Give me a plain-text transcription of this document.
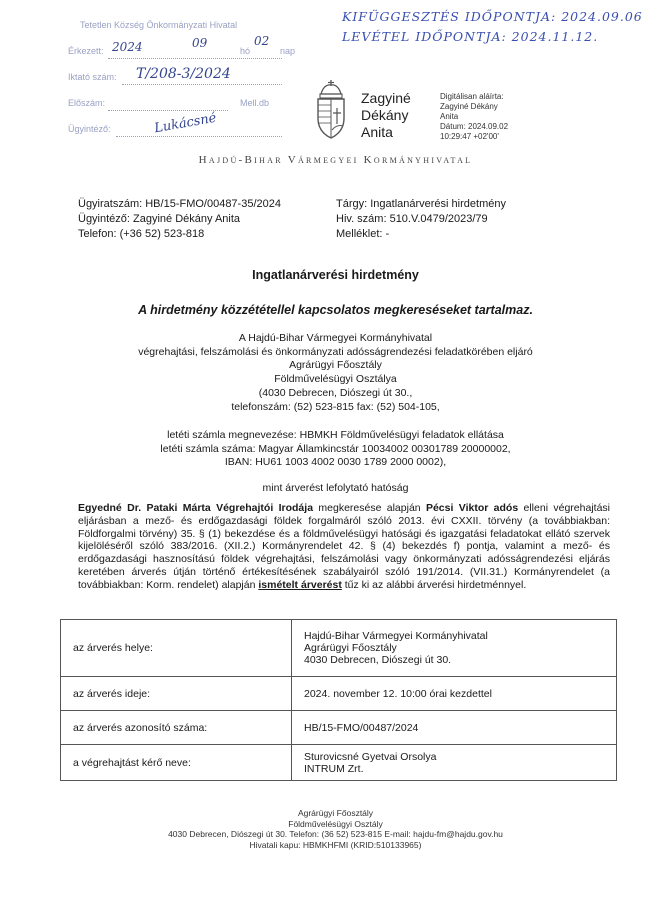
KIFÜGGESZTÉS IDŐPONTJA: 2024.09.06
LEVÉTEL IDŐPONTJA: 2024.11.12.
Tetetlen Község Önkormányzati Hivatal
Érkezett: 2024	09
hó
02
nap
Iktató szám: T/208-3/2024
Előszám:	Mell.db
Ügyintéző:	Lukácsné
Zagyiné
Dékány
Anita
Digitálisan aláírta:
Zagyiné Dékány
Anita
Dátum: 2024.09.02
10:29:47 +02'00'
Hajdú-Bihar Vármegyei Kormányhivatal
Ügyiratszám: HB/15-FMO/00487-35/2024
Ügyintéző: Zagyiné Dékány Anita
Telefon: (+36 52) 523-818
Tárgy: Ingatlanárverési hirdetmény
Hiv. szám: 510.V.0479/2023/79
Melléklet: -
Ingatlanárverési hirdetmény
A hirdetmény közzététellel kapcsolatos megkereséseket tartalmaz.
A Hajdú-Bihar Vármegyei Kormányhivatal
végrehajtási, felszámolási és önkormányzati adósságrendezési feladatkörében eljáró
Agrárügyi Főosztály
Földművelésügyi Osztálya
(4030 Debrecen, Diószegi út 30.,
telefonszám: (52) 523-815 fax: (52) 504-105,
letéti számla megnevezése: HBMKH Földművelésügyi feladatok ellátása
letéti számla száma: Magyar Államkincstár 10034002 00301789 20000002,
IBAN: HU61 1003 4002 0030 1789 2000 0002),
mint árverést lefolytató hatóság
Egyedné Dr. Pataki Márta Végrehajtói Irodája megkeresése alapján Pécsi Viktor adós elleni végrehajtási eljárásban a mező- és erdőgazdasági földek forgalmáról szóló 2013. évi CXXII. törvény (a továbbiakban: Földforgalmi törvény) 35. § (1) bekezdése és a földművelésügyi hatósági és igazgatási feladatokat ellátó szervek kijelöléséről szóló 383/2016. (XII.2.) Kormányrendelet 42. § (4) bekezdés f) pontja, valamint a mező- és erdőgazdasági hasznosítású földek végrehajtási, felszámolási vagy önkormányzati adósságrendezési eljárás keretében árverés útján történő értékesítésének szabályairól szóló 191/2014. (VII.31.) Kormányrendelet (a továbbiakban: Korm. rendelet) alapján ismételt árverést tűz ki az alábbi árverési hirdetménnyel.
az árverés helye:	Hajdú-Bihar Vármegyei Kormányhivatal
Agrárügyi Főosztály
4030 Debrecen, Diószegi út 30.

az árverés ideje:	2024. november 12. 10:00 órai kezdettel

az árverés azonosító száma:	HB/15-FMO/00487/2024

a végrehajtást kérő neve:	Sturovicsné Gyetvai Orsolya
INTRUM Zrt.
Agrárügyi Főosztály
Földművelésügyi Osztály
4030 Debrecen, Diószegi út 30. Telefon: (36 52) 523-815 E-mail: hajdu-fm@hajdu.gov.hu
Hivatali kapu: HBMKHFMI (KRID:510133965)
